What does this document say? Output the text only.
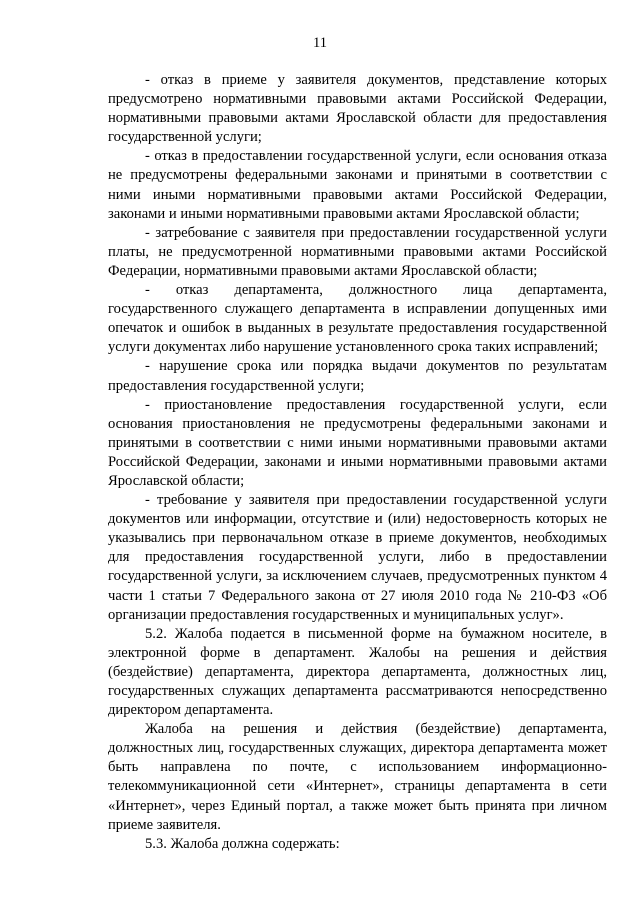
11

- отказ в приеме у заявителя документов, представление которых предусмотрено нормативными правовыми актами Российской Федерации, нормативными правовыми актами Ярославской области для предоставления государственной услуги;

- отказ в предоставлении государственной услуги, если основания отказа не предусмотрены федеральными законами и принятыми в соответствии с ними иными нормативными правовыми актами Российской Федерации, законами и иными нормативными правовыми актами Ярославской области;

- затребование с заявителя при предоставлении государственной услуги платы, не предусмотренной нормативными правовыми актами Российской Федерации, нормативными правовыми актами Ярославской области;

- отказ департамента, должностного лица департамента, государственного служащего департамента в исправлении допущенных ими опечаток и ошибок в выданных в результате предоставления государственной услуги документах либо нарушение установленного срока таких исправлений;

- нарушение срока или порядка выдачи документов по результатам предоставления государственной услуги;

- приостановление предоставления государственной услуги, если основания приостановления не предусмотрены федеральными законами и принятыми в соответствии с ними иными нормативными правовыми актами Российской Федерации, законами и иными нормативными правовыми актами Ярославской области;

- требование у заявителя при предоставлении государственной услуги документов или информации, отсутствие и (или) недостоверность которых не указывались при первоначальном отказе в приеме документов, необходимых для предоставления государственной услуги, либо в предоставлении государственной услуги, за исключением случаев, предусмотренных пунктом 4 части 1 статьи 7 Федерального закона от 27 июля 2010 года № 210-ФЗ «Об организации предоставления государственных и муниципальных услуг».

5.2. Жалоба подается в письменной форме на бумажном носителе, в электронной форме в департамент. Жалобы на решения и действия (бездействие) департамента, директора департамента, должностных лиц, государственных служащих департамента рассматриваются непосредственно директором департамента.

Жалоба на решения и действия (бездействие) департамента, должностных лиц, государственных служащих, директора департамента может быть направлена по почте, с использованием информационно-телекоммуникационной сети «Интернет», страницы департамента в сети «Интернет», через Единый портал, а также может быть принята при личном приеме заявителя.

5.3. Жалоба должна содержать:
